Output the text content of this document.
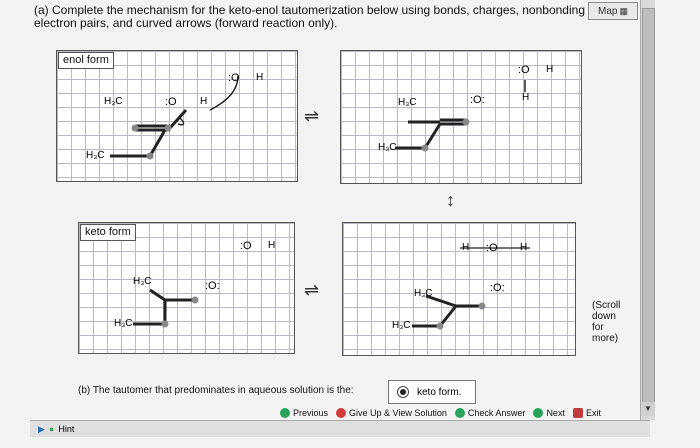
(a) Complete the mechanism for the keto-enol tautomerization below using bonds, charges, nonbonding
electron pairs, and curved arrows (forward reaction only).
Map ▦
▼
enol form
keto form
⇌
⇌
↕
H₃C
H₃C
:O H
:O H
H₃C
H₃C
:O:
:O H
H
:O H
H₃C
H₃C
:O:
H :O H
H₃C
H₃C
:O:
(Scroll
down
for
more)
(b) The tautomer that predominates in aqueous solution is the:	keto form.
Previous Give Up & View Solution Check Answer Next Exit
▶ ● Hint
